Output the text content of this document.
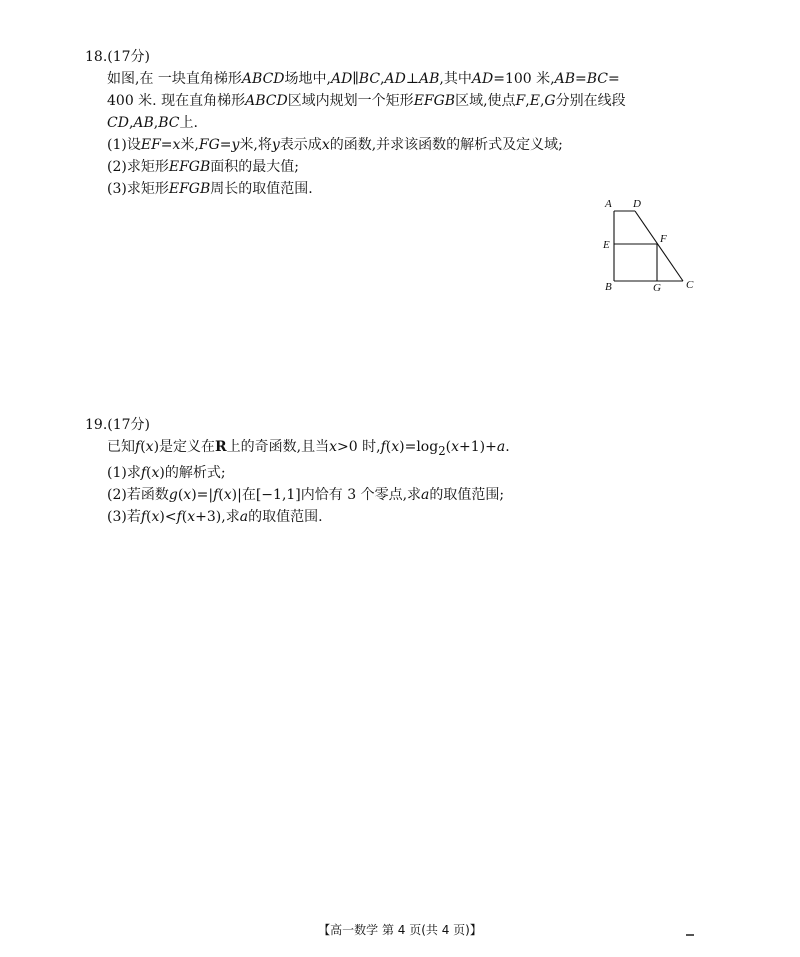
18.(17分)
如图,在 一块直角梯形ABCD场地中,AD∥BC,AD⊥AB,其中AD=100 米,AB=BC=
400 米. 现在直角梯形ABCD区域内规划一个矩形EFGB区域,使点F,E,G分别在线段
CD,AB,BC上.
(1)设EF=x米,FG=y米,将y表示成x的函数,并求该函数的解析式及定义域;
(2)求矩形EFGB面积的最大值;
(3)求矩形EFGB周长的取值范围.
A D
E	F
B	G C
19.(17分)
已知f(x)是定义在R上的奇函数,且当x>0 时$,f(x)=\log_2(x+1)+a$.
(1)求f(x)的解析式;
(2)若函数g(x)=|f(x)|在[−1,1]内恰有 3 个零点,求a的取值范围;
(3)若f(x)<f(x+3),求a的取值范围.
【高一数学 第 4 页(共 4 页)】
